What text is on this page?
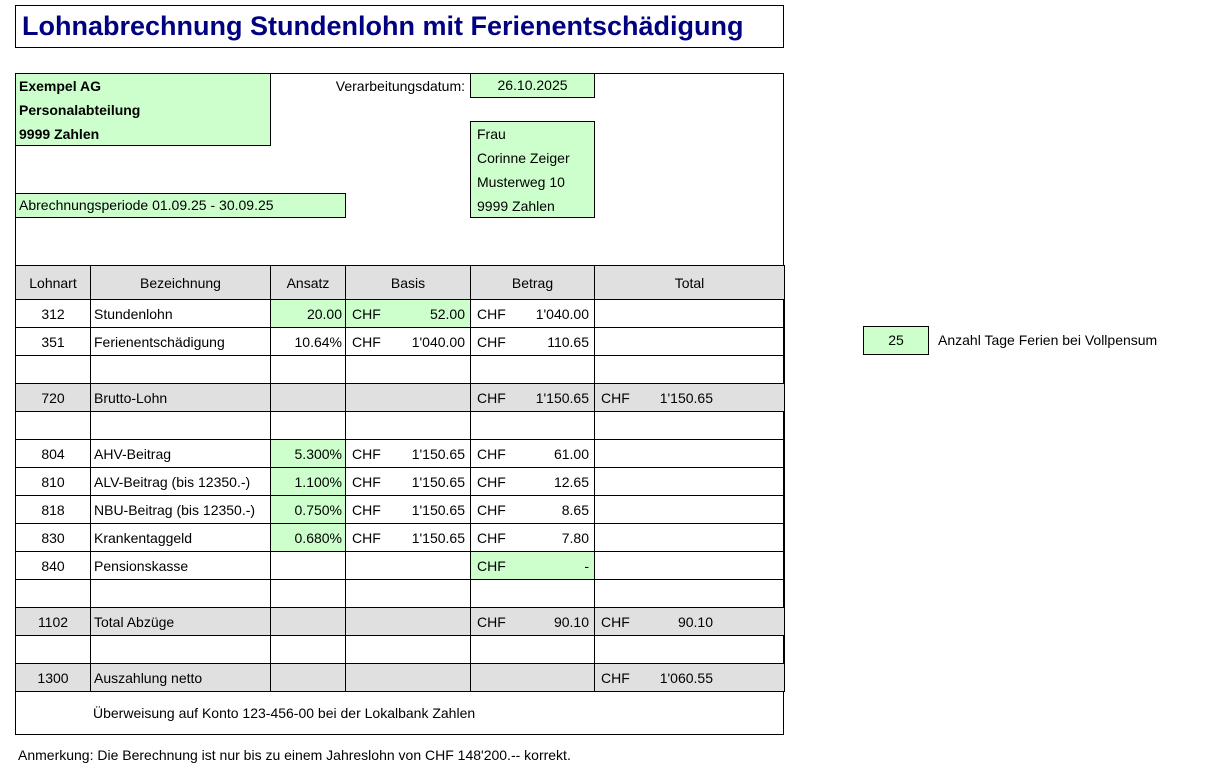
Lohnabrechnung Stundenlohn mit Ferienentschädigung
Exempel AG
Personalabteilung
9999 Zahlen
Verarbeitungsdatum:	26.10.2025
Frau
Corinne Zeiger
Musterweg 10
9999 Zahlen
Abrechnungsperiode 01.09.25 - 30.09.25
Lohnart	Bezeichnung	Ansatz	Basis	Betrag	Total
312	Stundenlohn	20.00	CHF 52.00	CHF 1'040.00	

351	Ferienentschädigung	10.64%	CHF 1'040.00	CHF 110.65	

720	Brutto-Lohn			CHF 1'150.65	CHF 1'150.65

804	AHV-Beitrag	5.300%	CHF 1'150.65	CHF 61.00	

810	ALV-Beitrag (bis 12350.-)	1.100%	CHF 1'150.65	CHF 12.65	

818	NBU-Beitrag (bis 12350.-)	0.750%	CHF 1'150.65	CHF 8.65	

830	Krankentaggeld	0.680%	CHF 1'150.65	CHF 7.80	

840	Pensionskasse			CHF -	

1102	Total Abzüge			CHF 90.10	CHF 90.10

1300	Auszahlung netto				CHF 1'060.55
25	Anzahl Tage Ferien bei Vollpensum
Überweisung auf Konto 123-456-00 bei der Lokalbank Zahlen
Anmerkung: Die Berechnung ist nur bis zu einem Jahreslohn von CHF 148'200.-- korrekt.
